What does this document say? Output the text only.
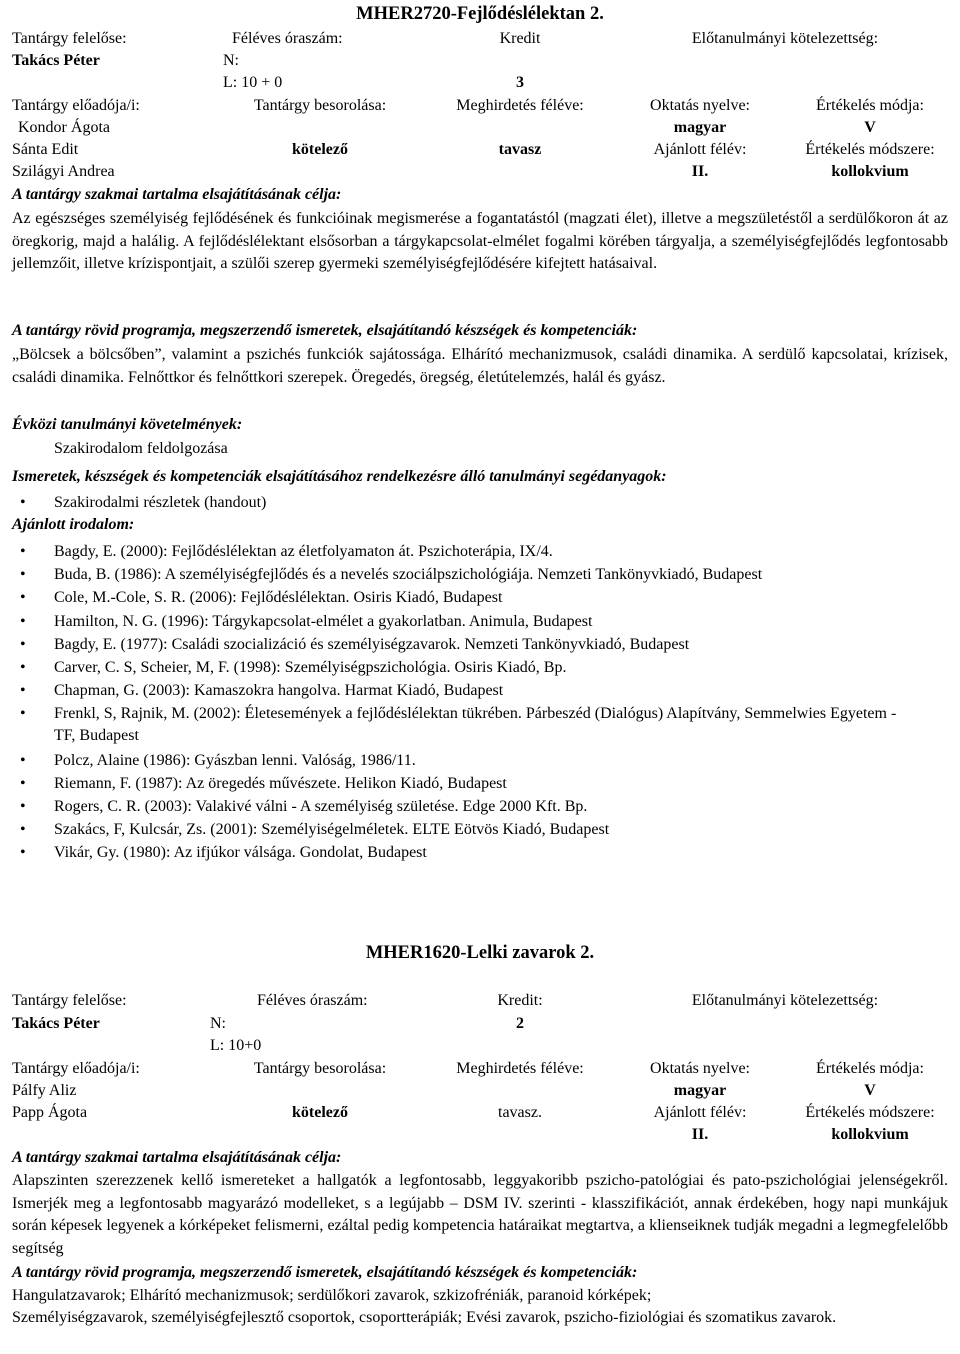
MHER2720-Fejlődéslélektan 2.
Tantárgy felelőse:
Takács Péter
Féléves óraszám:
N:
L: 10 + 0
Kredit
3
Előtanulmányi kötelezettség:
Tantárgy előadója/i:
Kondor Ágota
Sánta Edit
Szilágyi Andrea
Tantárgy besorolása:
kötelező
Meghirdetés féléve:
tavasz
Oktatás nyelve:
magyar
Ajánlott félév:
II.
Értékelés módja:
V
Értékelés módszere:
kollokvium
A tantárgy szakmai tartalma elsajátításának célja:
Az egészséges személyiség fejlődésének és funkcióinak megismerése a fogantatástól (magzati élet), illetve a megszületéstől a serdülőkoron át az öregkorig, majd a halálig. A fejlődéslélektant elsősorban a tárgykapcsolat-elmélet fogalmi körében tárgyalja, a személyiségfejlődés legfontosabb jellemzőit, illetve krízispontjait, a szülői szerep gyermeki személyiségfejlődésére kifejtett hatásaival.
A tantárgy rövid programja, megszerzendő ismeretek, elsajátítandó készségek és kompetenciák:
„Bölcsek a bölcsőben”, valamint a pszichés funkciók sajátossága. Elhárító mechanizmusok, családi dinamika. A serdülő kapcsolatai, krízisek, családi dinamika. Felnőttkor és felnőttkori szerepek. Öregedés, öregség, életútelemzés, halál és gyász.
Évközi tanulmányi követelmények:
Szakirodalom feldolgozása
Ismeretek, készségek és kompetenciák elsajátításához rendelkezésre álló tanulmányi segédanyagok:
• Szakirodalmi részletek (handout)
Ajánlott irodalom:
• Bagdy, E. (2000): Fejlődéslélektan az életfolyamaton át. Pszichoterápia, IX/4.
• Buda, B. (1986): A személyiségfejlődés és a nevelés szociálpszichológiája. Nemzeti Tankönyvkiadó, Budapest
• Cole, M.-Cole, S. R. (2006): Fejlődéslélektan. Osiris Kiadó, Budapest
• Hamilton, N. G. (1996): Tárgykapcsolat-elmélet a gyakorlatban. Animula, Budapest
• Bagdy, E. (1977): Családi szocializáció és személyiségzavarok. Nemzeti Tankönyvkiadó, Budapest
• Carver, C. S, Scheier, M, F. (1998): Személyiségpszichológia. Osiris Kiadó, Bp.
• Chapman, G. (2003): Kamaszokra hangolva. Harmat Kiadó, Budapest
• Frenkl, S, Rajnik, M. (2002): Életesemények a fejlődéslélektan tükrében. Párbeszéd (Dialógus) Alapítvány, Semmelwies Egyetem - TF, Budapest
• Polcz, Alaine (1986): Gyászban lenni. Valóság, 1986/11.
• Riemann, F. (1987): Az öregedés művészete. Helikon Kiadó, Budapest
• Rogers, C. R. (2003): Valakivé válni - A személyiség születése. Edge 2000 Kft. Bp.
• Szakács, F, Kulcsár, Zs. (2001): Személyiségelméletek. ELTE Eötvös Kiadó, Budapest
• Vikár, Gy. (1980): Az ifjúkor válsága. Gondolat, Budapest
MHER1620-Lelki zavarok 2.
Tantárgy felelőse:
Takács Péter
Féléves óraszám:
N:
L: 10+0
Kredit:
2
Előtanulmányi kötelezettség:
Tantárgy előadója/i:
Pálfy Aliz
Papp Ágota
Tantárgy besorolása:
kötelező
Meghirdetés féléve:
tavasz.
Oktatás nyelve:
magyar
Ajánlott félév:
II.
Értékelés módja:
V
Értékelés módszere:
kollokvium
A tantárgy szakmai tartalma elsajátításának célja:
Alapszinten szerezzenek kellő ismereteket a hallgatók a legfontosabb, leggyakoribb pszicho-patológiai és pato-pszichológiai jelenségekről. Ismerjék meg a legfontosabb magyarázó modelleket, s a legújabb – DSM IV. szerinti - klasszifikációt, annak érdekében, hogy napi munkájuk során képesek legyenek a kórképeket felismerni, ezáltal pedig kompetencia határaikat megtartva, a klienseiknek tudják megadni a legmegfelelőbb segítség
A tantárgy rövid programja, megszerzendő ismeretek, elsajátítandó készségek és kompetenciák:
Hangulatzavarok; Elhárító mechanizmusok; serdülőkori zavarok, szkizofréniák, paranoid kórképek;
Személyiségzavarok, személyiségfejlesztő csoportok, csoportterápiák; Evési zavarok, pszicho-fiziológiai és szomatikus zavarok.
